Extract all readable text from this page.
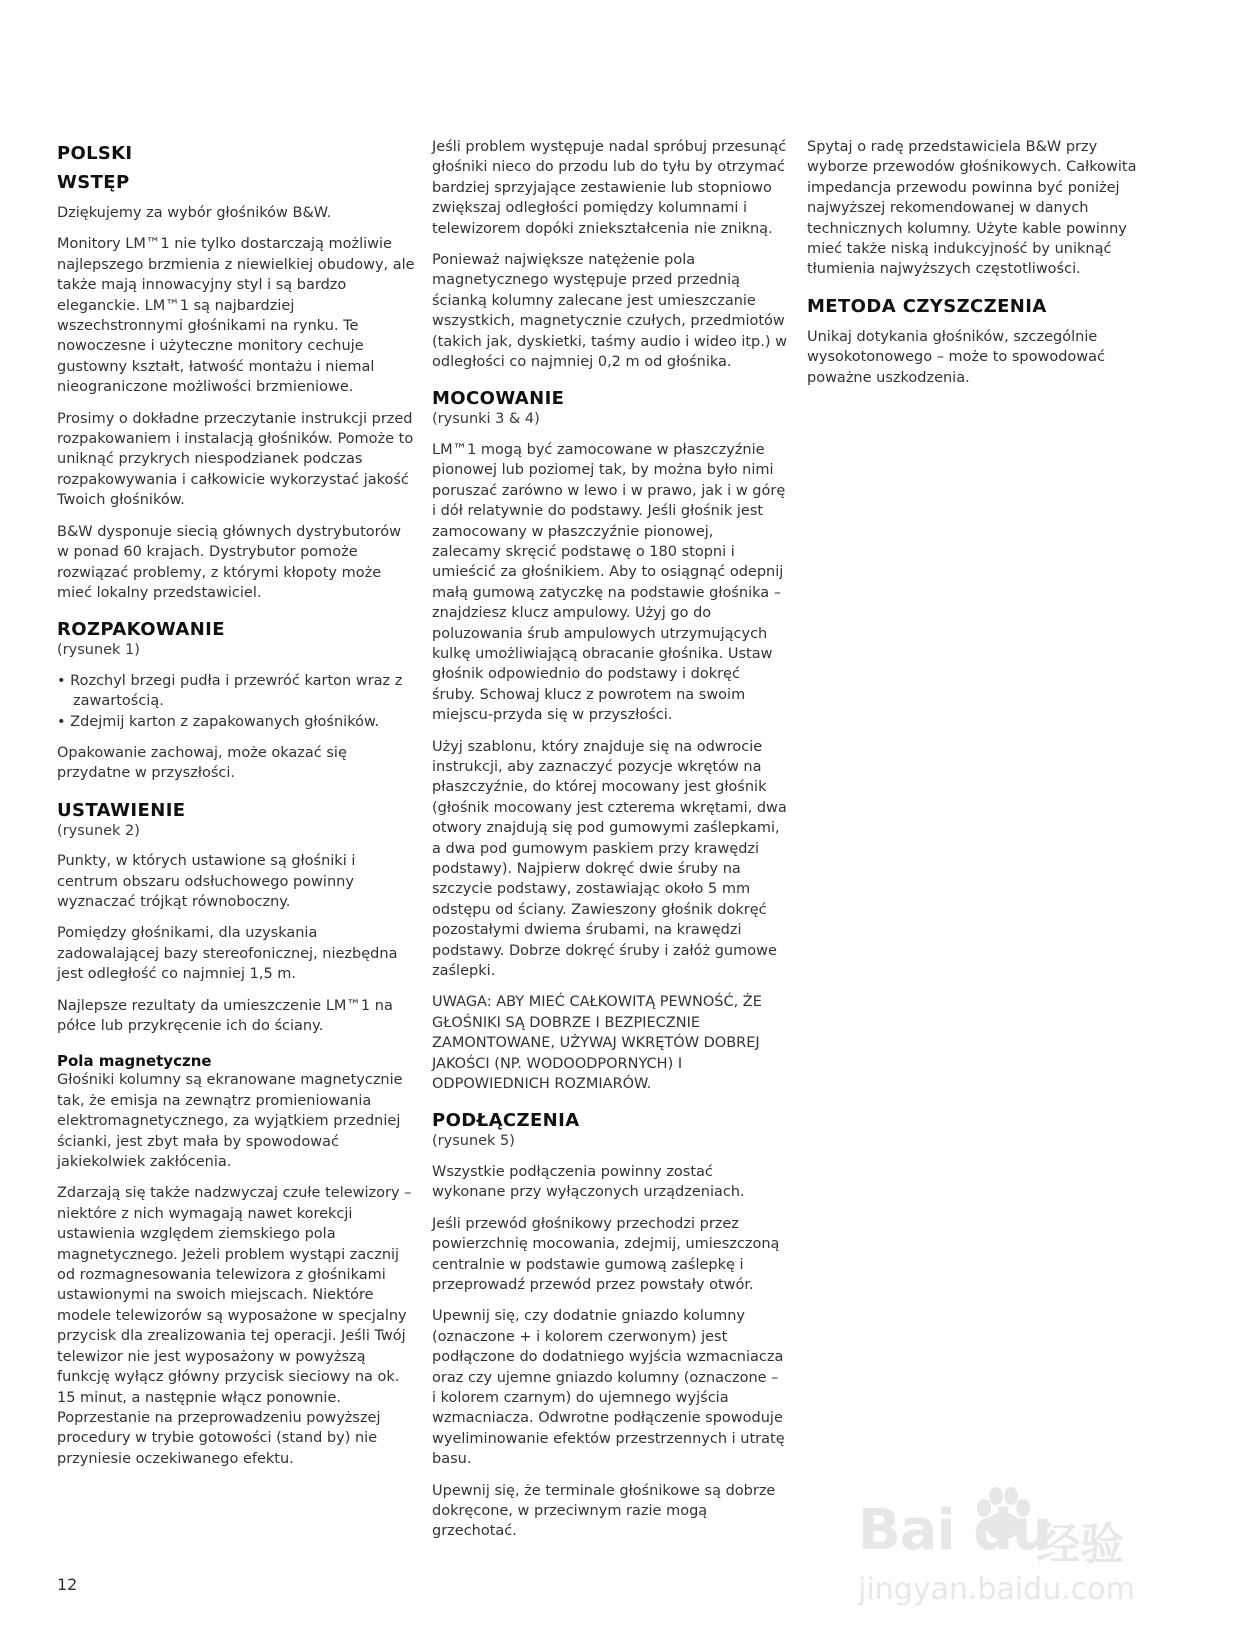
POLSKI
WSTĘP

Dziękujemy za wybór głośników B&W.

Monitory LM™1 nie tylko dostarczają możliwie najlepszego brzmienia z niewielkiej obudowy, ale także mają innowacyjny styl i są bardzo eleganckie. LM™1 są najbardziej wszechstronnymi głośnikami na rynku. Te nowoczesne i użyteczne monitory cechuje gustowny kształt, łatwość montażu i niemal nieograniczone możliwości brzmieniowe.

Prosimy o dokładne przeczytanie instrukcji przed rozpakowaniem i instalacją głośników. Pomoże to uniknąć przykrych niespodzianek podczas rozpakowywania i całkowicie wykorzystać jakość Twoich głośników.

B&W dysponuje siecią głównych dystrybutorów w ponad 60 krajach. Dystrybutor pomoże rozwiązać problemy, z którymi kłopoty może mieć lokalny przedstawiciel.

ROZPAKOWANIE
(rysunek 1)
• Rozchyl brzegi pudła i przewróć karton wraz z zawartością.
• Zdejmij karton z zapakowanych głośników.

Opakowanie zachowaj, może okazać się przydatne w przyszłości.

USTAWIENIE
(rysunek 2)

Punkty, w których ustawione są głośniki i centrum obszaru odsłuchowego powinny wyznaczać trójkąt równoboczny.

Pomiędzy głośnikami, dla uzyskania zadowalającej bazy stereofonicznej, niezbędna jest odległość co najmniej 1,5 m.

Najlepsze rezultaty da umieszczenie LM™1 na półce lub przykręcenie ich do ściany.

Pola magnetyczne

Głośniki kolumny są ekranowane magnetycznie tak, że emisja na zewnątrz promieniowania elektromagnetycznego, za wyjątkiem przedniej ścianki, jest zbyt mała by spowodować jakiekolwiek zakłócenia.

Zdarzają się także nadzwyczaj czułe telewizory – niektóre z nich wymagają nawet korekcji ustawienia względem ziemskiego pola magnetycznego. Jeżeli problem wystąpi zacznij od rozmagnesowania telewizora z głośnikami ustawionymi na swoich miejscach. Niektóre modele telewizorów są wyposażone w specjalny przycisk dla zrealizowania tej operacji. Jeśli Twój telewizor nie jest wyposażony w powyższą funkcję wyłącz główny przycisk sieciowy na ok. 15 minut, a następnie włącz ponownie. Poprzestanie na przeprowadzeniu powyższej procedury w trybie gotowości (stand by) nie przyniesie oczekiwanego efektu.

Jeśli problem występuje nadal spróbuj przesunąć głośniki nieco do przodu lub do tyłu by otrzymać bardziej sprzyjające zestawienie lub stopniowo zwiększaj odległości pomiędzy kolumnami i telewizorem dopóki zniekształcenia nie znikną.

Ponieważ największe natężenie pola magnetycznego występuje przed przednią ścianką kolumny zalecane jest umieszczanie wszystkich, magnetycznie czułych, przedmiotów (takich jak, dyskietki, taśmy audio i wideo itp.) w odległości co najmniej 0,2 m od głośnika.

MOCOWANIE
(rysunki 3 & 4)

LM™1 mogą być zamocowane w płaszczyźnie pionowej lub poziomej tak, by można było nimi poruszać zarówno w lewo i w prawo, jak i w górę i dół relatywnie do podstawy. Jeśli głośnik jest zamocowany w płaszczyźnie pionowej, zalecamy skręcić podstawę o 180 stopni i umieścić za głośnikiem. Aby to osiągnąć odepnij małą gumową zatyczkę na podstawie głośnika – znajdziesz klucz ampulowy. Użyj go do poluzowania śrub ampulowych utrzymujących kulkę umożliwiającą obracanie głośnika. Ustaw głośnik odpowiednio do podstawy i dokręć śruby. Schowaj klucz z powrotem na swoim miejscu-przyda się w przyszłości.

Użyj szablonu, który znajduje się na odwrocie instrukcji, aby zaznaczyć pozycje wkrętów na płaszczyźnie, do której mocowany jest głośnik (głośnik mocowany jest czterema wkrętami, dwa otwory znajdują się pod gumowymi zaślepkami, a dwa pod gumowym paskiem przy krawędzi podstawy). Najpierw dokręć dwie śruby na szczycie podstawy, zostawiając około 5 mm odstępu od ściany. Zawieszony głośnik dokręć pozostałymi dwiema śrubami, na krawędzi podstawy. Dobrze dokręć śruby i załóż gumowe zaślepki.

UWAGA: ABY MIEĆ CAŁKOWITĄ PEWNOŚĆ, ŻE GŁOŚNIKI SĄ DOBRZE I BEZPIECZNIE ZAMONTOWANE, UŻYWAJ WKRĘTÓW DOBREJ JAKOŚCI (NP. WODOODPORNYCH) I ODPOWIEDNICH ROZMIARÓW.

PODŁĄCZENIA
(rysunek 5)

Wszystkie podłączenia powinny zostać wykonane przy wyłączonych urządzeniach.

Jeśli przewód głośnikowy przechodzi przez powierzchnię mocowania, zdejmij, umieszczoną centralnie w podstawie gumową zaślepkę i przeprowadź przewód przez powstały otwór.

Upewnij się, czy dodatnie gniazdo kolumny (oznaczone + i kolorem czerwonym) jest podłączone do dodatniego wyjścia wzmacniacza oraz czy ujemne gniazdo kolumny (oznaczone – i kolorem czarnym) do ujemnego wyjścia wzmacniacza. Odwrotne podłączenie spowoduje wyeliminowanie efektów przestrzennych i utratę basu.

Upewnij się, że terminale głośnikowe są dobrze dokręcone, w przeciwnym razie mogą grzechotać.

Spytaj o radę przedstawiciela B&W przy wyborze przewodów głośnikowych. Całkowita impedancja przewodu powinna być poniżej najwyższej rekomendowanej w danych technicznych kolumny. Użyte kable powinny mieć także niską indukcyjność by uniknąć tłumienia najwyższych częstotliwości.

METODA CZYSZCZENIA

Unikaj dotykania głośników, szczególnie wysokotonowego – może to spowodować poważne uszkodzenia.

12
Bai du
经验
jingyan.baidu.com
